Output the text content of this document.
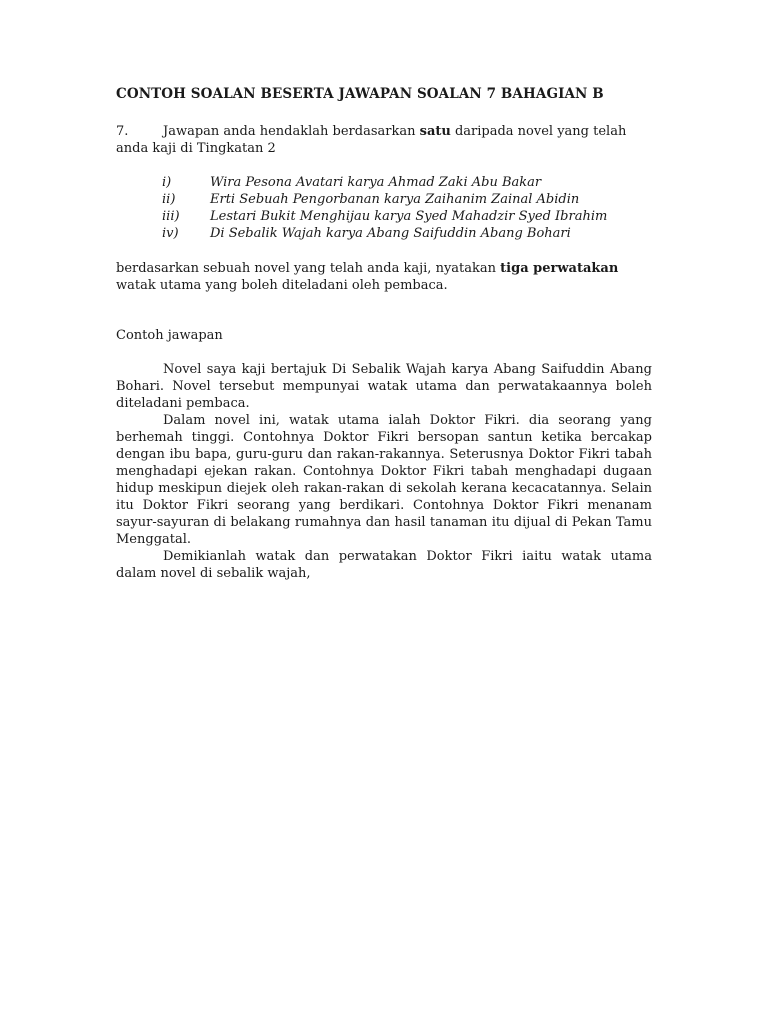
CONTOH SOALAN BESERTA JAWAPAN SOALAN 7 BAHAGIAN B
7.	Jawapan anda hendaklah berdasarkan satu daripada novel yang telah
anda kaji di Tingkatan 2
i)	Wira Pesona Avatari karya Ahmad Zaki Abu Bakar
ii)	Erti Sebuah Pengorbanan karya Zaihanim Zainal Abidin
iii)	Lestari Bukit Menghijau karya Syed Mahadzir Syed Ibrahim
iv)	Di Sebalik Wajah karya Abang Saifuddin Abang Bohari
berdasarkan sebuah novel yang telah anda kaji, nyatakan tiga perwatakan
watak utama yang boleh diteladani oleh pembaca.
Contoh jawapan

Novel saya kaji bertajuk Di Sebalik Wajah karya Abang Saifuddin Abang Bohari. Novel tersebut mempunyai watak utama dan perwatakaannya boleh diteladani pembaca.

Dalam novel ini, watak utama ialah Doktor Fikri. dia seorang yang berhemah tinggi. Contohnya Doktor Fikri bersopan santun ketika bercakap dengan ibu bapa, guru-guru dan rakan-rakannya. Seterusnya Doktor Fikri tabah menghadapi ejekan rakan. Contohnya Doktor Fikri tabah menghadapi dugaan hidup meskipun diejek oleh rakan-rakan di sekolah kerana kecacatannya. Selain itu Doktor Fikri seorang yang berdikari. Contohnya Doktor Fikri menanam sayur-sayuran di belakang rumahnya dan hasil tanaman itu dijual di Pekan Tamu Menggatal.

Demikianlah watak dan perwatakan Doktor Fikri iaitu watak utama dalam novel di sebalik wajah,
